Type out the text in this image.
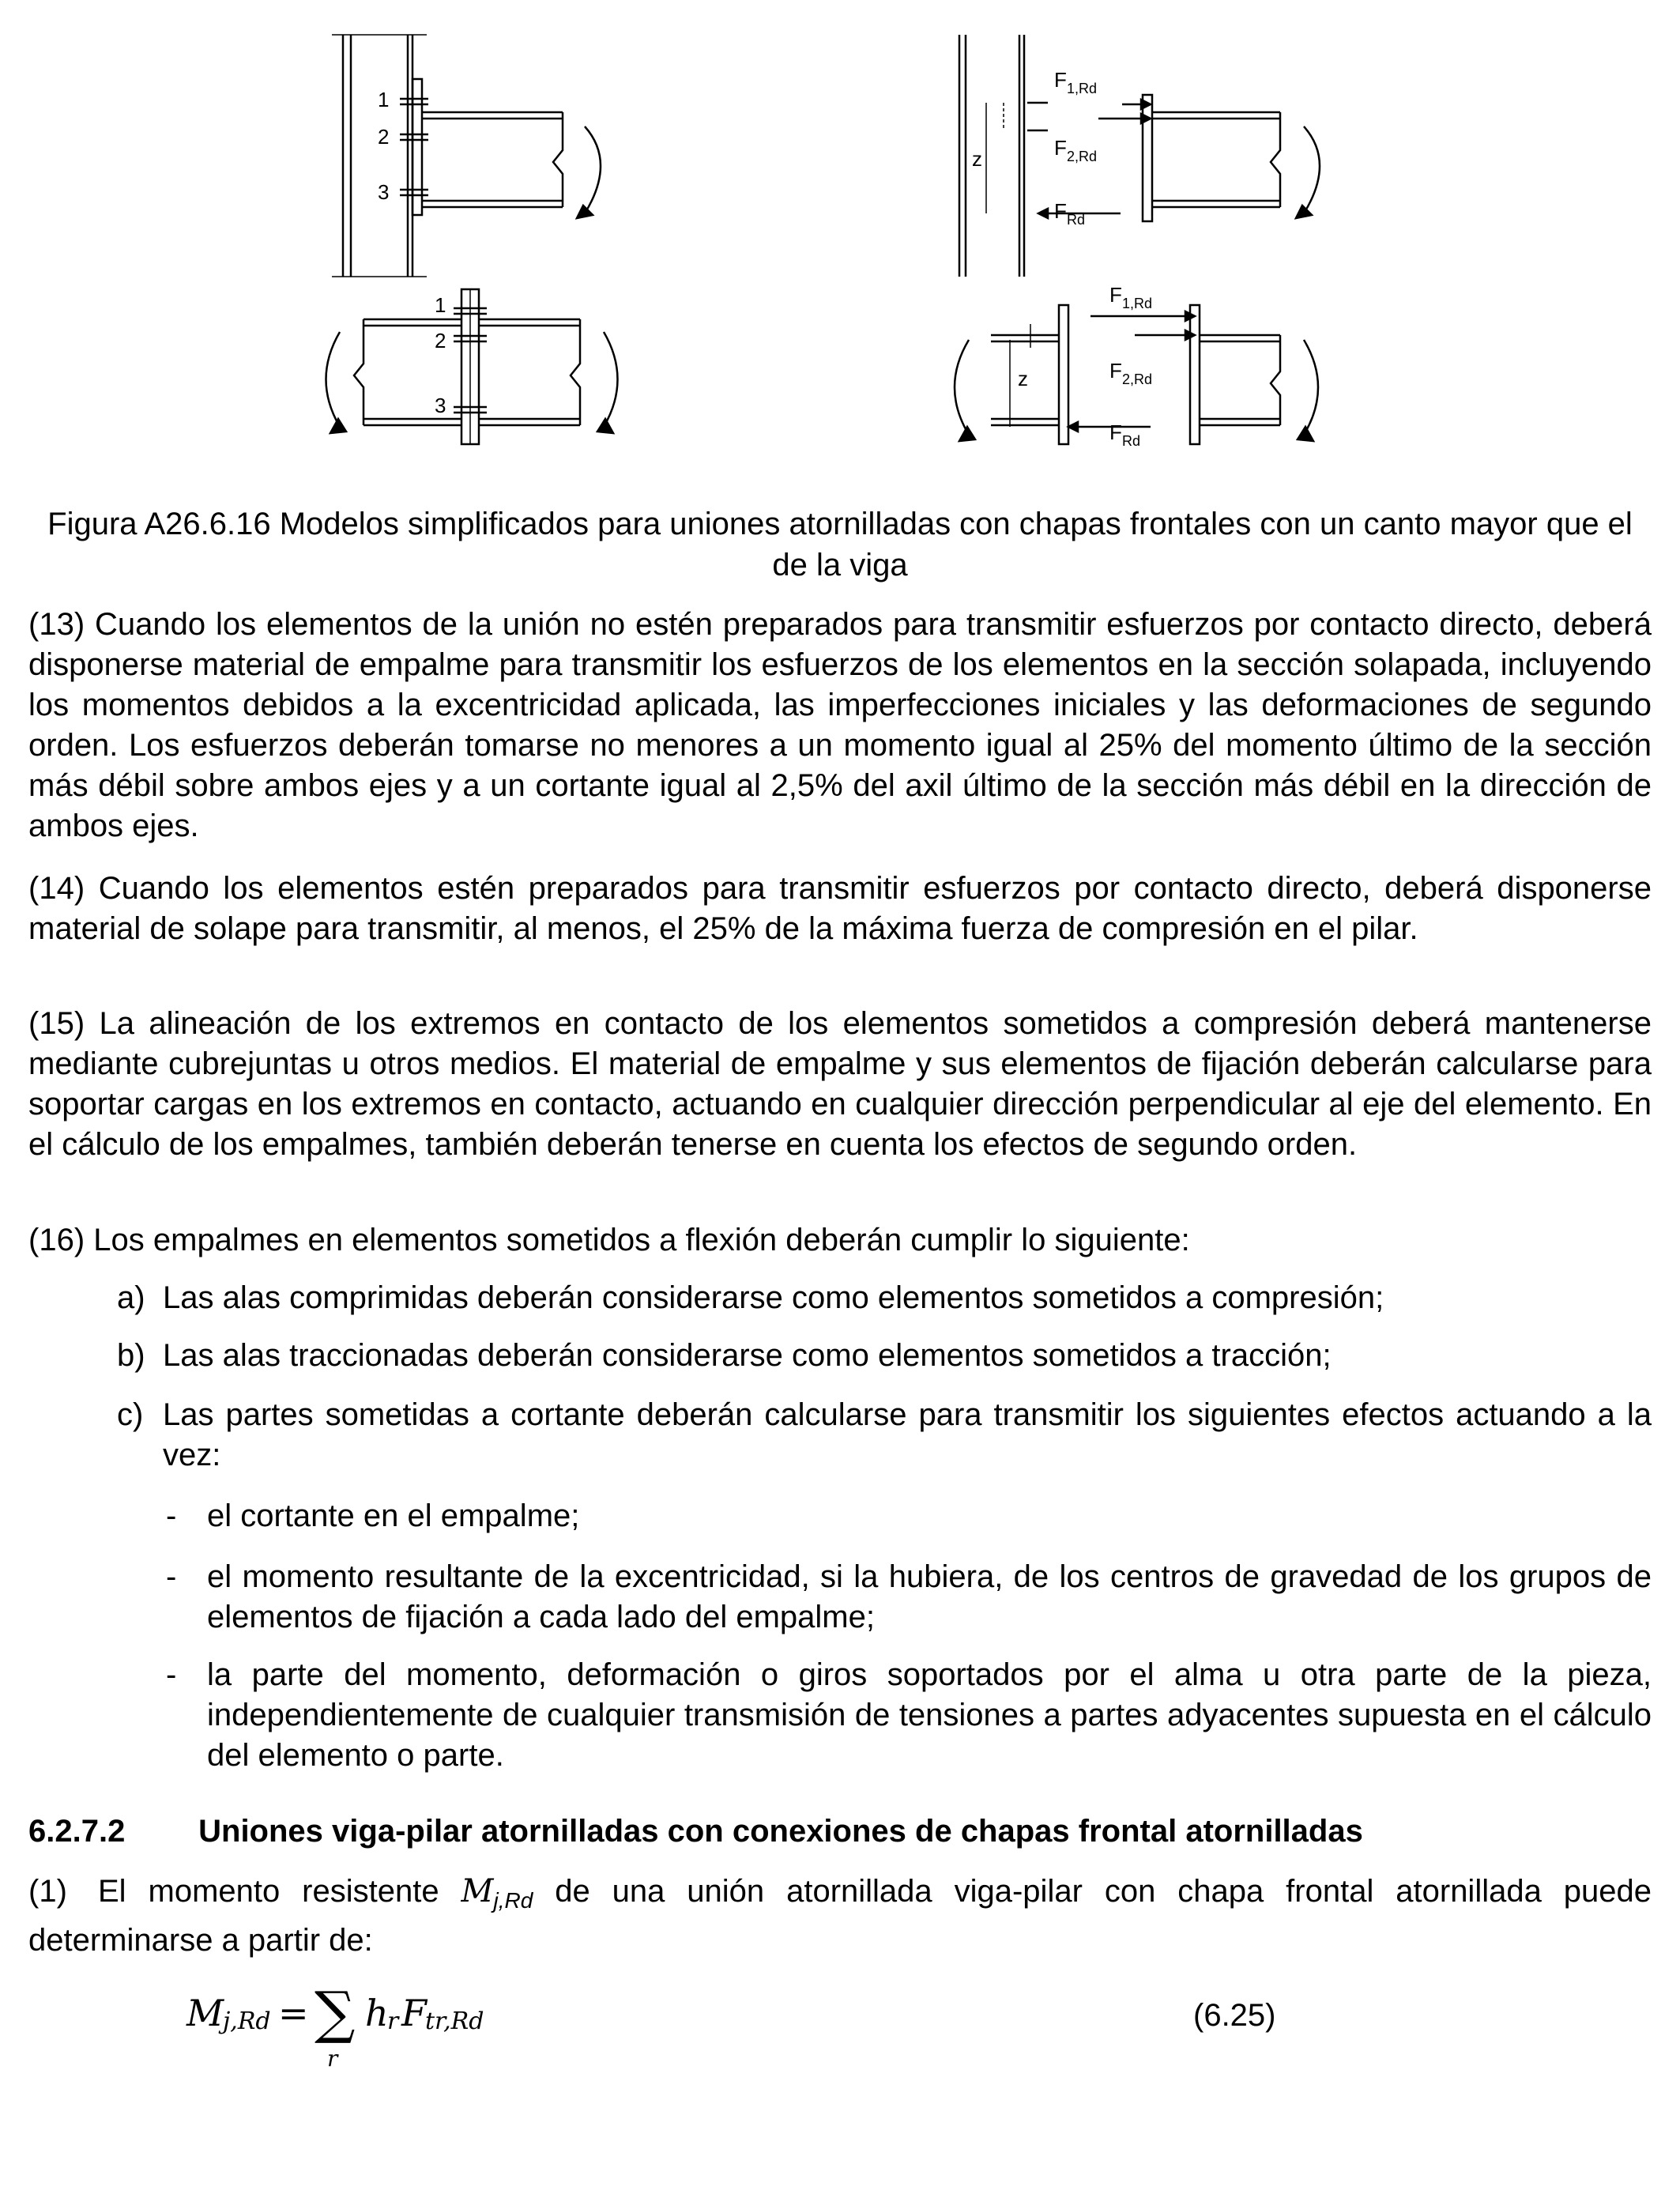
1
2
3
1
2
3
z
F 1,Rd
F 2,Rd
F Rd
z
F 1,Rd
F 2,Rd
F Rd
Figura A26.6.16 Modelos simplificados para uniones atornilladas con chapas frontales con un canto mayor que el de la viga
(13) Cuando los elementos de la unión no estén preparados para transmitir esfuerzos por contacto directo, deberá disponerse material de empalme para transmitir los esfuerzos de los elementos en la sección solapada, incluyendo los momentos debidos a la excentricidad aplicada, las imperfecciones iniciales y las deformaciones de segundo orden. Los esfuerzos deberán tomarse no menores a un momento igual al 25% del momento último de la sección más débil sobre ambos ejes y a un cortante igual al 2,5% del axil último de la sección más débil en la dirección de ambos ejes.
(14) Cuando los elementos estén preparados para transmitir esfuerzos por contacto directo, deberá disponerse material de solape para transmitir, al menos, el 25% de la máxima fuerza de compresión en el pilar.
(15) La alineación de los extremos en contacto de los elementos sometidos a compresión deberá mantenerse mediante cubrejuntas u otros medios. El material de empalme y sus elementos de fijación deberán calcularse para soportar cargas en los extremos en contacto, actuando en cualquier dirección perpendicular al eje del elemento. En el cálculo de los empalmes, también deberán tenerse en cuenta los efectos de segundo orden.
(16) Los empalmes en elementos sometidos a flexión deberán cumplir lo siguiente:
a) Las alas comprimidas deberán considerarse como elementos sometidos a compresión;
b) Las alas traccionadas deberán considerarse como elementos sometidos a tracción;
c) Las partes sometidas a cortante deberán calcularse para transmitir los siguientes efectos actuando a la vez:
- el cortante en el empalme;
- el momento resultante de la excentricidad, si la hubiera, de los centros de gravedad de los grupos de elementos de fijación a cada lado del empalme;
- la parte del momento, deformación o giros soportados por el alma u otra parte de la pieza, independientemente de cualquier transmisión de tensiones a partes adyacentes supuesta en el cálculo del elemento o parte.
6.2.7.2 Uniones viga-pilar atornilladas con conexiones de chapas frontal atornilladas
(1) El momento resistente $M_{j,Rd}$ de una unión atornillada viga-pilar con chapa frontal atornillada puede determinarse a partir de:
M
j,Rd = ∑
r
h
r F
tr,Rd	(6.25)
